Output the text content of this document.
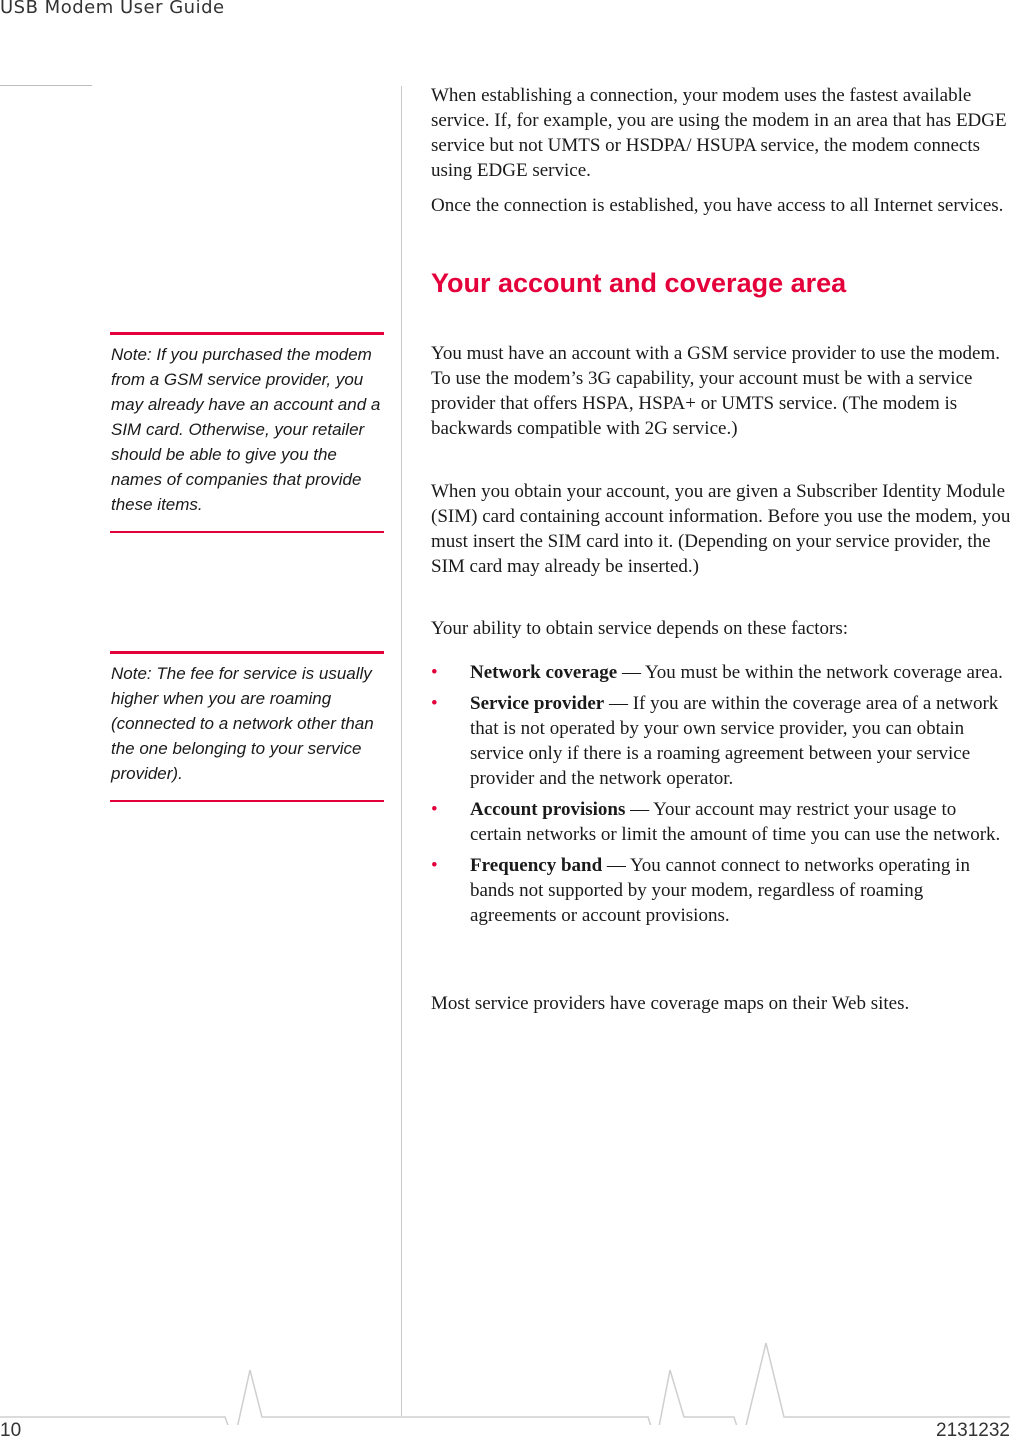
USB Modem User Guide

When establishing a connection, your modem uses the fastest available service. If, for example, you are using the modem in an area that has EDGE service but not UMTS or HSDPA/ HSUPA service, the modem connects using EDGE service.

Once the connection is established, you have access to all Internet services.

Your account and coverage area

You must have an account with a GSM service provider to use the modem. To use the modem’s 3G capability, your account must be with a service provider that offers HSPA, HSPA+ or UMTS service. (The modem is backwards compatible with 2G service.)

When you obtain your account, you are given a Subscriber Identity Module (SIM) card containing account information. Before you use the modem, you must insert the SIM card into it. (Depending on your service provider, the SIM card may already be inserted.)

Your ability to obtain service depends on these factors:

• Network coverage — You must be within the network coverage area.
• Service provider — If you are within the coverage area of a network that is not operated by your own service provider, you can obtain service only if there is a roaming agreement between your service provider and the network operator.
• Account provisions — Your account may restrict your usage to certain networks or limit the amount of time you can use the network.
• Frequency band — You cannot connect to networks operating in bands not supported by your modem, regardless of roaming agreements or account provisions.

Most service providers have coverage maps on their Web sites.

Note: If you purchased the modem from a GSM service provider, you may already have an account and a SIM card. Otherwise, your retailer should be able to give you the names of companies that provide these items.

Note: The fee for service is usually higher when you are roaming (connected to a network other than the one belonging to your service provider).

10	2131232
